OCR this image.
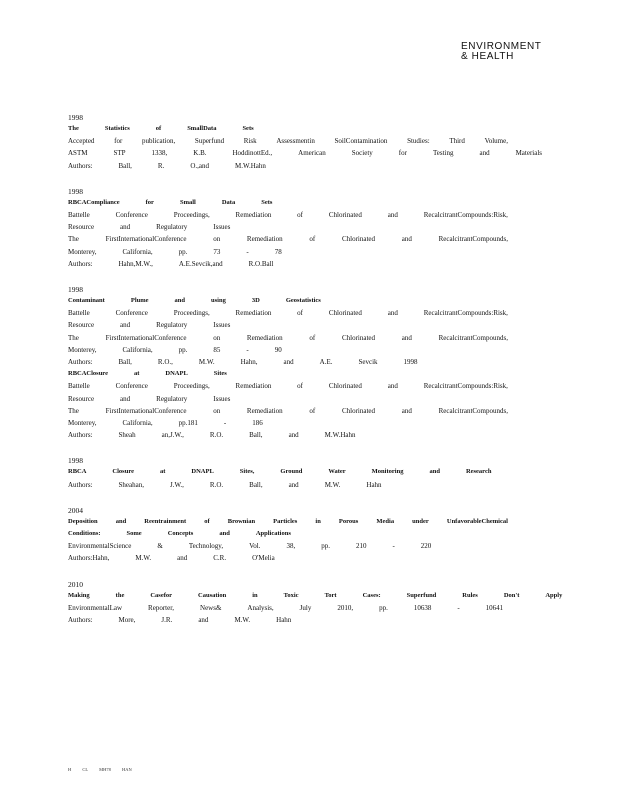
ENVIRONMENT
& HEALTH
1998
The	Statistics	of	SmallData	Sets
Accepted	for	publication,	Superfund	Risk	Assessmentin	SoilContamination	Studies:	Third	Volume,
ASTM	STP	1338,	K.B.	HoddinottEd.,	American	Society	for	Testing	and	Materials
Authors:	Ball,	R.	O.,and	M.W.Hahn
1998
RBCACompliance	for	Small	Data	Sets
Battelle	Conference	Proceedings,	Remediation	of	Chlorinated	and	RecalcitrantCompounds:Risk,
Resource	and	Regulatory	Issues
The	FirstInternationalConference	on	Remediation	of	Chlorinated	and	RecalcitrantCompounds,
Monterey,	California,	pp.	73	-	78
Authors:	Hahn,M.W.,	A.E.Sevcik,and	R.O.Ball
1998
Contaminant	Plume	and	using	3D	Geostatistics
Battelle	Conference	Proceedings,	Remediation	of	Chlorinated	and	RecalcitrantCompounds:Risk,
Resource	and	Regulatory	Issues
The	FirstInternationalConference	on	Remediation	of	Chlorinated	and	RecalcitrantCompounds,
Monterey,	California,	pp.	85	-	90
Authors:	Ball,	R.O.,	M.W.	Hahn,	and	A.E.	Sevcik	1998
RBCAClosure	at	DNAPL	Sites
Battelle	Conference	Proceedings,	Remediation	of	Chlorinated	and	RecalcitrantCompounds:Risk,
Resource	and	Regulatory	Issues
The	FirstInternationalConference	on	Remediation	of	Chlorinated	and	RecalcitrantCompounds,
Monterey,	California,	pp.181	-	186
Authors:	Sheah	an,J.W.,	R.O.	Ball,	and	M.W.Hahn
1998
RBCA	Closure	at	DNAPL	Sites,	Ground	Water	Monitoring	and	Research
Authors:	Sheahan,	J.W.,	R.O.	Ball,	and	M.W.	Hahn
2004
Deposition	and	Reentrainment	of	Brownian	Particles	in	Porous	Media	under	UnfavorableChemical
Conditions:	Some	Concepts	and	Applications
EnvironmentalScience	&	Technology,	Vol.	38,	pp.	210	-	220
Authors:Hahn,	M.W.	and	C.R.	O'Melia
2010
Making	the	Casefor	Causation	in	Toxic	Tort	Cases:	Superfund	Rules	Don't	Apply
EnvironmentalLaw	Reporter,	News&	Analysis,	July	2010,	pp.	10638	-	10641
Authors:	More,	J.R.	and	M.W.	Hahn
H CL MH78 HAN
